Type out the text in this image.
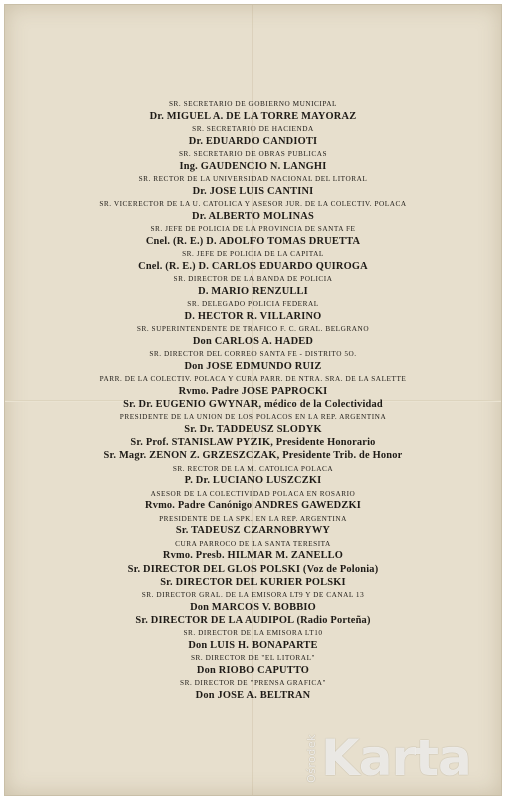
SR. SECRETARIO DE GOBIERNO MUNICIPAL
Dr. MIGUEL A. DE LA TORRE MAYORAZ
SR. SECRETARIO DE HACIENDA
Dr. EDUARDO CANDIOTI
SR. SECRETARIO DE OBRAS PUBLICAS
Ing. GAUDENCIO N. LANGHI
SR. RECTOR DE LA UNIVERSIDAD NACIONAL DEL LITORAL
Dr. JOSE LUIS CANTINI
SR. VICERECTOR DE LA U. CATOLICA Y ASESOR JUR. DE LA COLECTIV. POLACA
Dr. ALBERTO MOLINAS
SR. JEFE DE POLICIA DE LA PROVINCIA DE SANTA FE
Cnel. (R. E.) D. ADOLFO TOMAS DRUETTA
SR. JEFE DE POLICIA DE LA CAPITAL
Cnel. (R. E.) D. CARLOS EDUARDO QUIROGA
SR. DIRECTOR DE LA BANDA DE POLICIA
D. MARIO RENZULLI
SR. DELEGADO POLICIA FEDERAL
D. HECTOR R. VILLARINO
SR. SUPERINTENDENTE DE TRAFICO F. C. GRAL. BELGRANO
Don CARLOS A. HADED
SR. DIRECTOR DEL CORREO SANTA FE - DISTRITO 5O.
Don JOSE EDMUNDO RUIZ
PARR. DE LA COLECTIV. POLACA Y CURA PARR. DE NTRA. SRA. DE LA SALETTE
Rvmo. Padre JOSE PAPROCKI
Sr. Dr. EUGENIO GWYNAR, médico de la Colectividad
PRESIDENTE DE LA UNION DE LOS POLACOS EN LA REP. ARGENTINA
Sr. Dr. TADDEUSZ SLODYK
Sr. Prof. STANISLAW PYZIK, Presidente Honorario
Sr. Magr. ZENON Z. GRZESZCZAK, Presidente Trib. de Honor
SR. RECTOR DE LA M. CATOLICA POLACA
P. Dr. LUCIANO LUSZCZKI
ASESOR DE LA COLECTIVIDAD POLACA EN ROSARIO
Rvmo. Padre Canónigo ANDRES GAWEDZKI
PRESIDENTE DE LA SPK. EN LA REP. ARGENTINA
Sr. TADEUSZ CZARNOBRYWY
CURA PARROCO DE LA SANTA TERESITA
Rvmo. Presb. HILMAR M. ZANELLO
Sr. DIRECTOR DEL GLOS POLSKI (Voz de Polonia)
Sr. DIRECTOR DEL KURIER POLSKI
SR. DIRECTOR GRAL. DE LA EMISORA LT9 Y DE CANAL 13
Don MARCOS V. BOBBIO
Sr. DIRECTOR DE LA AUDIPOL (Radio Porteña)
SR. DIRECTOR DE LA EMISORA LT10
Don LUIS H. BONAPARTE
SR. DIRECTOR DE "EL LITORAL"
Don RIOBO CAPUTTO
SR. DIRECTOR DE "PRENSA GRAFICA"
Don JOSE A. BELTRAN
Ośrodek Karta
